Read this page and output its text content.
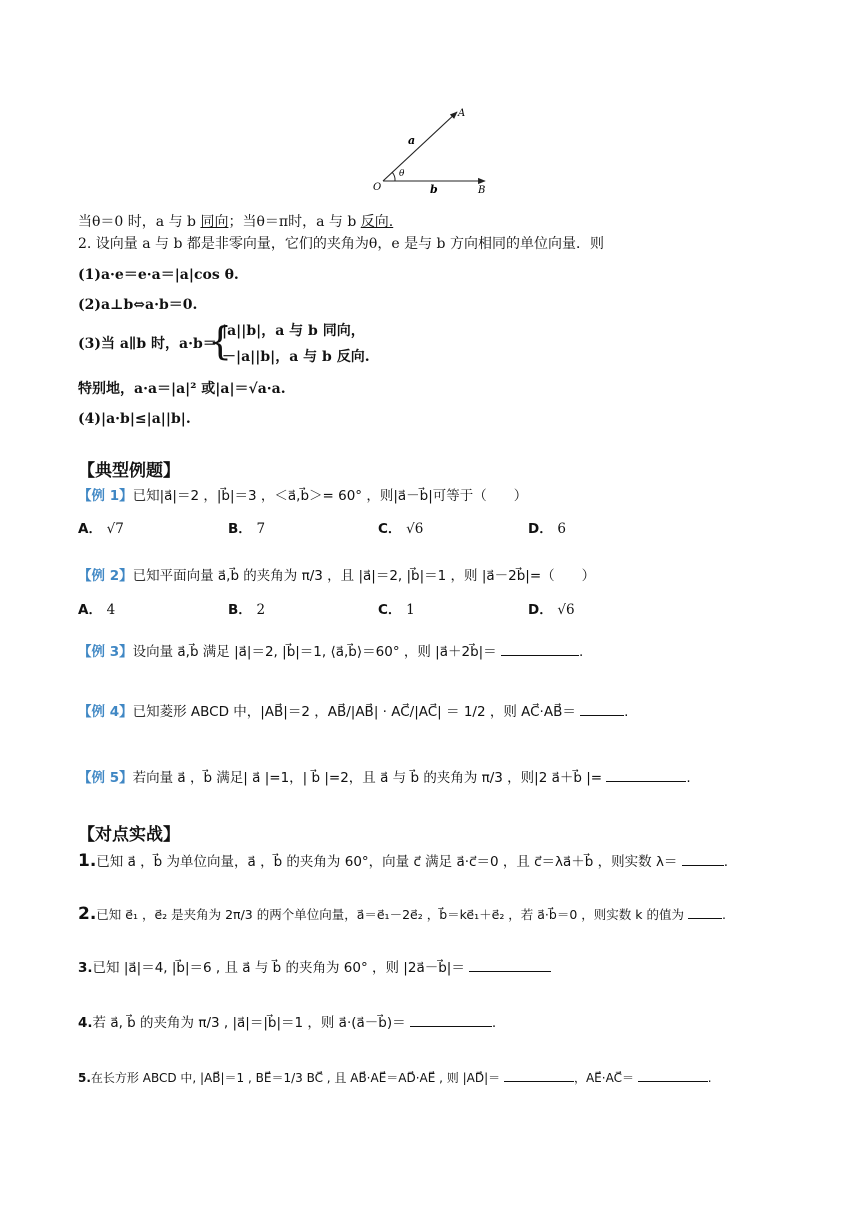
A
B
O
a
b
θ
当θ＝0 时，a 与 b 同向；当θ＝π时，a 与 b 反向.
2. 设向量 a 与 b 都是非零向量，它们的夹角为θ，e 是与 b 方向相同的单位向量．则
(1)a·e＝e·a＝|a|cos θ.
(2)a⊥b⇔a·b＝0.
(3)当 a∥b 时，a·b＝
{
|a||b|，a 与 b 同向，
－|a||b|，a 与 b 反向.
特别地，a·a＝|a|² 或|a|＝√a·a.
(4)|a·b|≤|a||b|.
【典型例题】
【例 1】已知|a⃗|＝2 ，|b⃗|＝3 ，＜a⃗,b⃗＞= 60° ，则|a⃗－b⃗|可等于（　　）
A． √7	B． 7	C． √6	D． 6
【例 2】已知平面向量 a⃗,b⃗ 的夹角为 π/3 ，且 |a⃗|＝2, |b⃗|＝1 ，则 |a⃗－2b⃗|=（　　）
A． 4	B． 2	C． 1	D． √6
【例 3】设向量 a⃗,b⃗ 满足 |a⃗|＝2, |b⃗|＝1, ⟨a⃗,b⃗⟩＝60° ，则 |a⃗＋2b⃗|＝	.
【例 4】已知菱形 ABCD 中，|AB⃗|＝2 ，AB⃗/|AB⃗| · AC⃗/|AC⃗| ＝ 1/2 ，则 AC⃗·AB⃗＝	.
【例 5】若向量 a⃗ ，b⃗ 满足| a⃗ |=1，| b⃗ |=2，且 a⃗ 与 b⃗ 的夹角为 π/3 ，则|2 a⃗＋b⃗ |=	.
【对点实战】
1.已知 a⃗ ，b⃗ 为单位向量，a⃗ ，b⃗ 的夹角为 60°，向量 c⃗ 满足 a⃗·c⃗＝0 ，且 c⃗＝λa⃗＋b⃗ ，则实数 λ＝	.
2.已知 e⃗₁ ，e⃗₂ 是夹角为 2π/3 的两个单位向量，a⃗＝e⃗₁－2e⃗₂ ，b⃗＝ke⃗₁＋e⃗₂ ，若 a⃗·b⃗＝0 ，则实数 k 的值为	.
3.已知 |a⃗|＝4, |b⃗|＝6 , 且 a⃗ 与 b⃗ 的夹角为 60° ，则 |2a⃗－b⃗|＝
4.若 a⃗, b⃗ 的夹角为 π/3 , |a⃗|＝|b⃗|＝1 ，则 a⃗·(a⃗－b⃗)＝	.
5.在长方形 ABCD 中, |AB⃗|＝1 , BE⃗＝1/3 BC⃗ , 且 AB⃗·AE⃗＝AD⃗·AE⃗ , 则 |AD⃗|＝	，AE⃗·AC⃗＝	.
